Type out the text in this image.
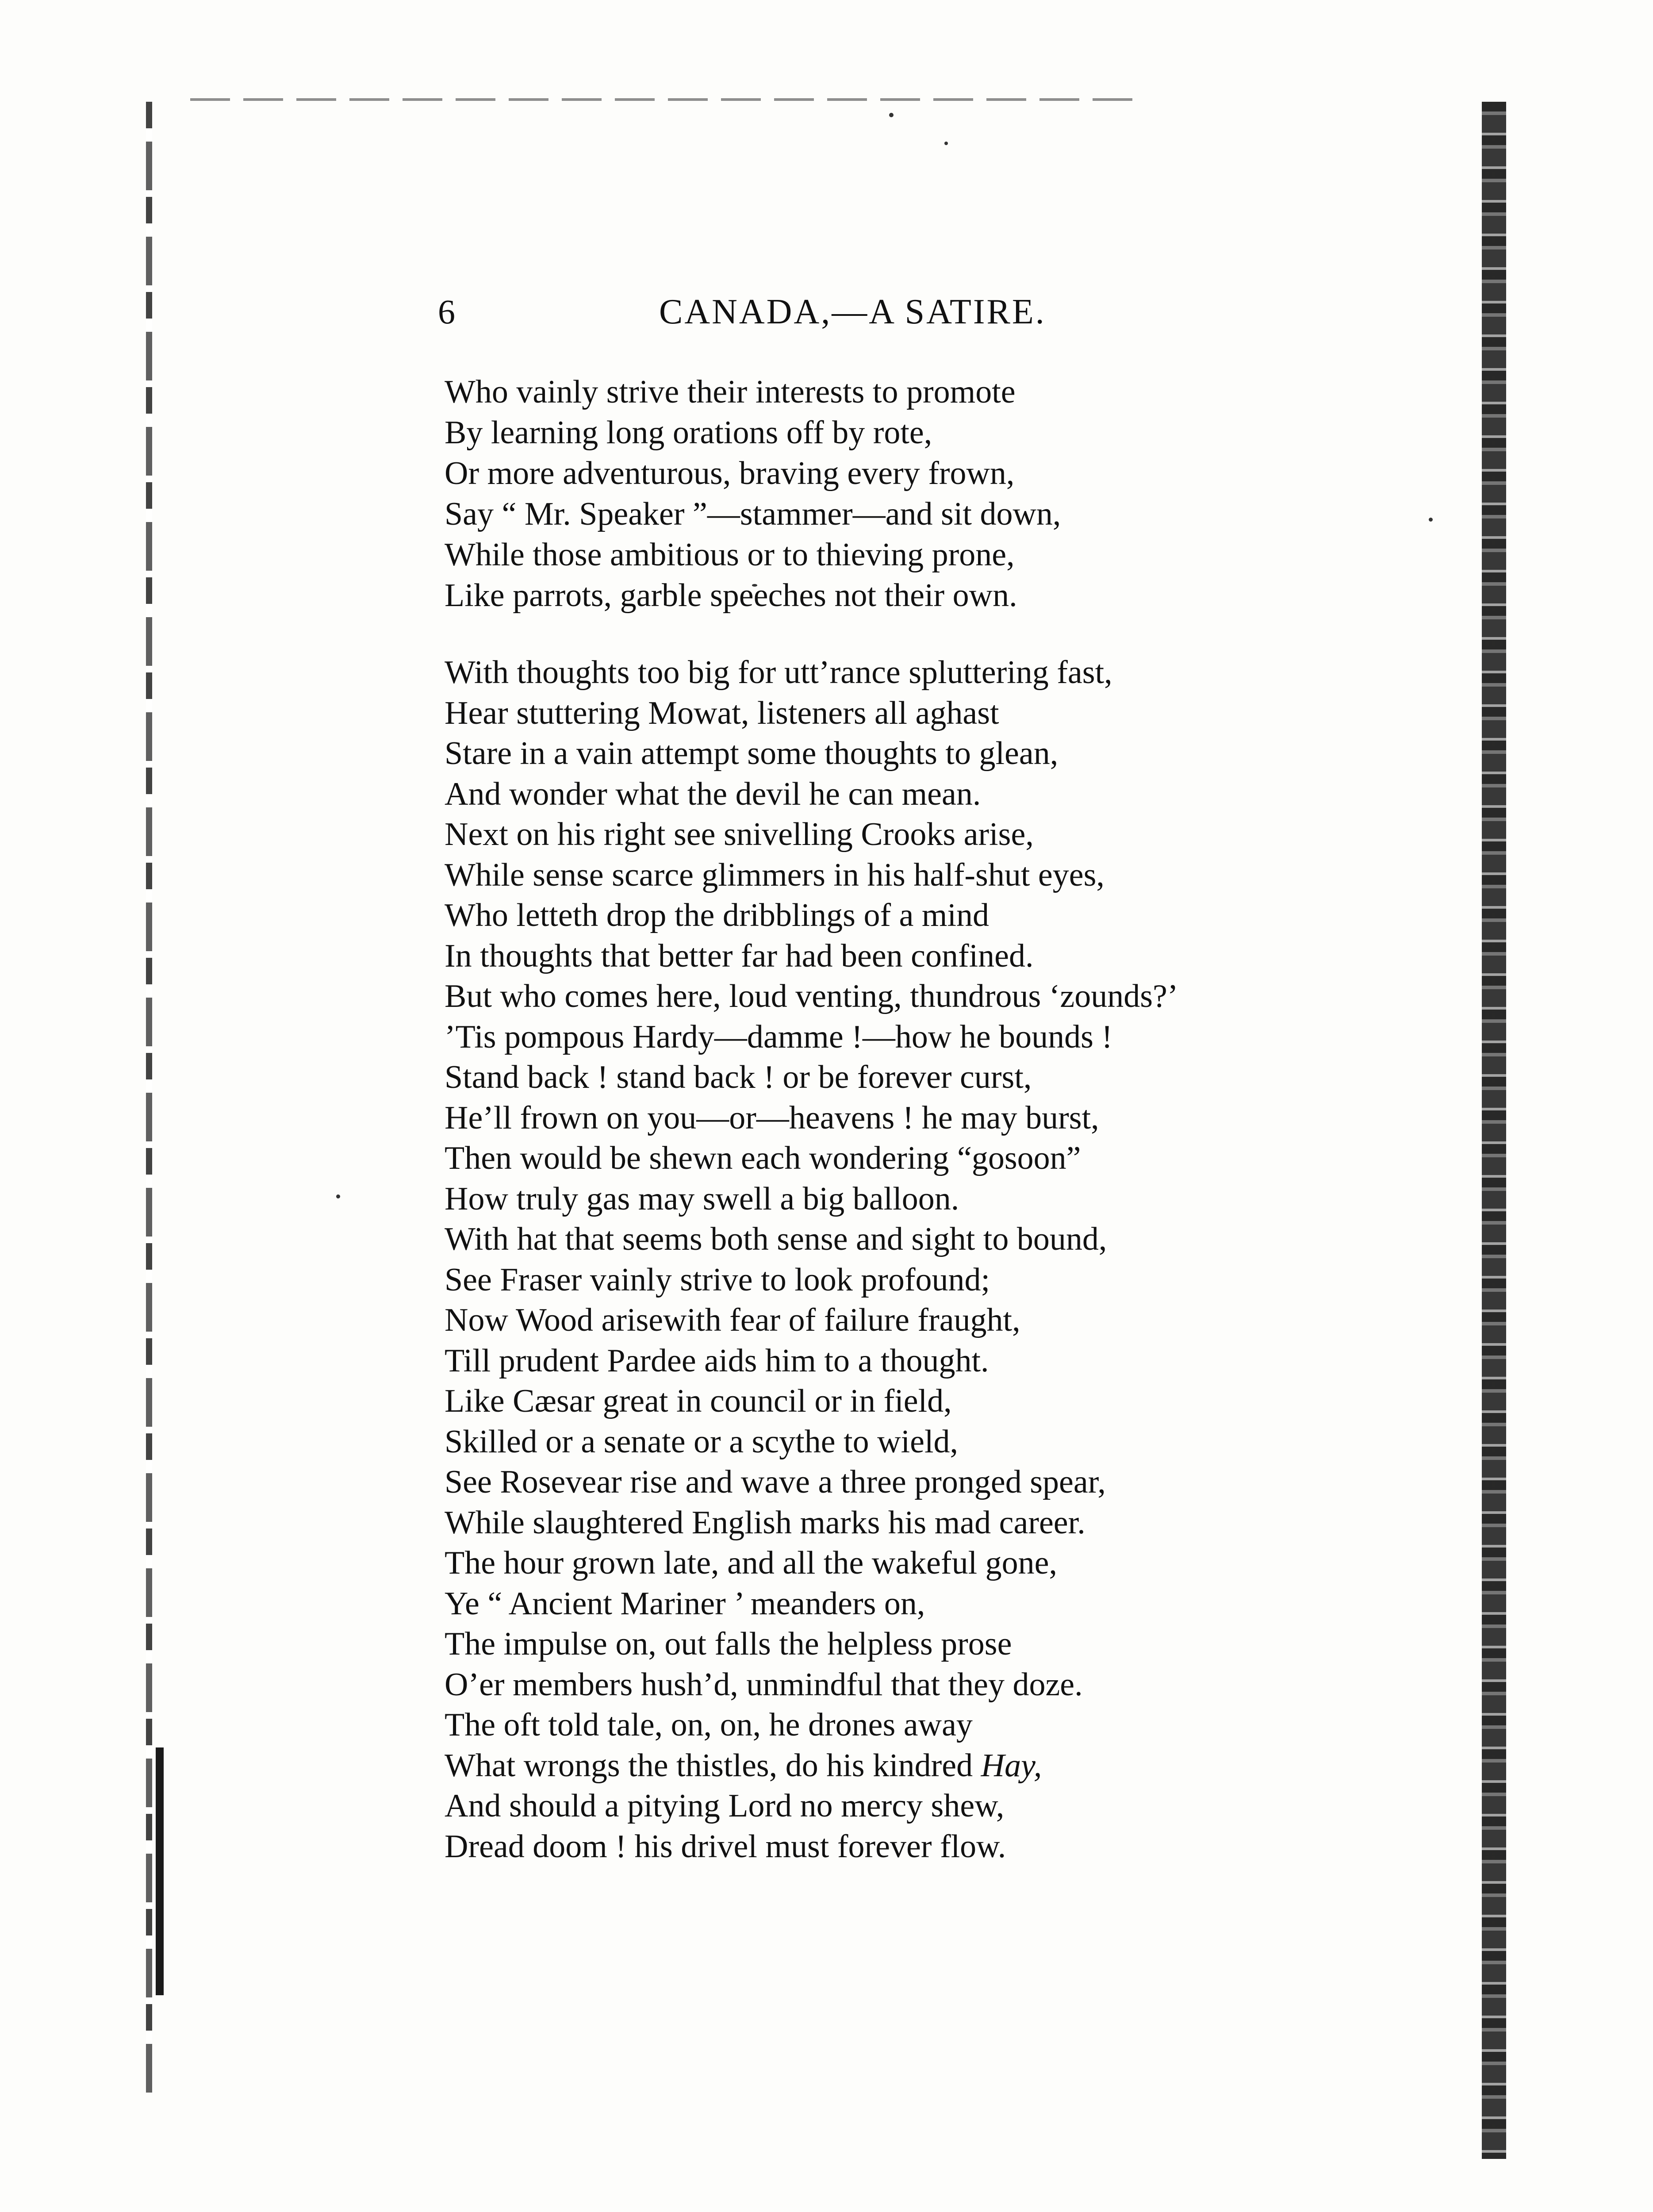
6	CANADA,—A SATIRE.
Who vainly strive their interests to promote
By learning long orations off by rote,
Or more adventurous, braving every frown,
Say “ Mr. Speaker ”—stammer—and sit down,
While those ambitious or to thieving prone,
Like parrots, garble speeches not their own.
With thoughts too big for utt’rance spluttering fast,
Hear stuttering Mowat, listeners all aghast
Stare in a vain attempt some thoughts to glean,
And wonder what the devil he can mean.
Next on his right see snivelling Crooks arise,
While sense scarce glimmers in his half-shut eyes,
Who letteth drop the dribblings of a mind
In thoughts that better far had been confined.
But who comes here, loud venting, thundrous ‘zounds?’
’Tis pompous Hardy—damme !—how he bounds !
Stand back ! stand back ! or be forever curst,
He’ll frown on you—or—heavens ! he may burst,
Then would be shewn each wondering “gosoon”
How truly gas may swell a big balloon.
With hat that seems both sense and sight to bound,
See Fraser vainly strive to look profound;
Now Wood arisewith fear of failure fraught,
Till prudent Pardee aids him to a thought.
Like Cæsar great in council or in field,
Skilled or a senate or a scythe to wield,
See Rosevear rise and wave a three pronged spear,
While slaughtered English marks his mad career.
The hour grown late, and all the wakeful gone,
Ye “ Ancient Mariner ’ meanders on,
The impulse on, out falls the helpless prose
O’er members hush’d, unmindful that they doze.
The oft told tale, on, on, he drones away
What wrongs the thistles, do his kindred Hay,
And should a pitying Lord no mercy shew,
Dread doom ! his drivel must forever flow.
